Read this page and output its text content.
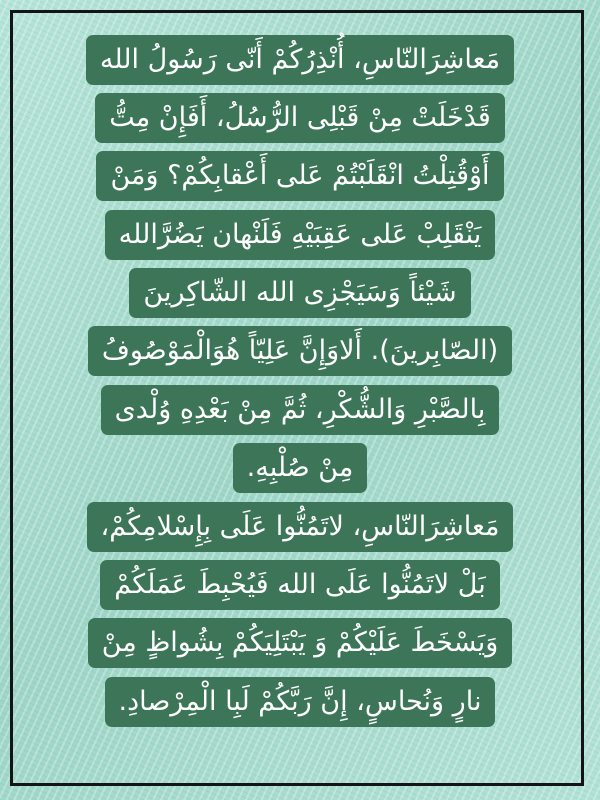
مَعاشِرَالنّاسِ، أُنْذِرُكُمْ أَنّی رَسُولُ الله
قَدْخَلَتْ مِنْ قَبْلِی الرُّسُلُ، أَفَإِنْ مِتُّ
أَوْقُتِلْتُ انْقَلَبْتُمْ عَلی أَعْقابِکُمْ؟ وَمَنْ
یَنْقَلِبْ عَلی عَقِبَیْهِ فَلَنْهان یَضُرَّالله
شَیْئاً وَسَیَجْزِی الله الشّاکِرینَ
(الصّابِرینَ). أَلاوَإِنَّ عَلِیّاً هُوَالْمَوْصُوفُ
بِالصَّبْرِ وَالشُّکْرِ، ثُمَّ مِنْ بَعْدِهِ وُلْدی
مِنْ صُلْبِهِ.
مَعاشِرَالنّاسِ، لاتَمُنُّوا عَلَی بِإِسْلامِکُمْ،
بَلْ لاتَمُنُّوا عَلَی الله فَیُحْبِطَ عَمَلَکُمْ
وَیَسْخَطَ عَلَیْکُمْ وَ یَبْتَلِیَکُمْ بِشُواظٍ مِنْ
نارٍ وَنُحاسٍ، إِنَّ رَبَّکُمْ لَبِا الْمِرْصادِ.
